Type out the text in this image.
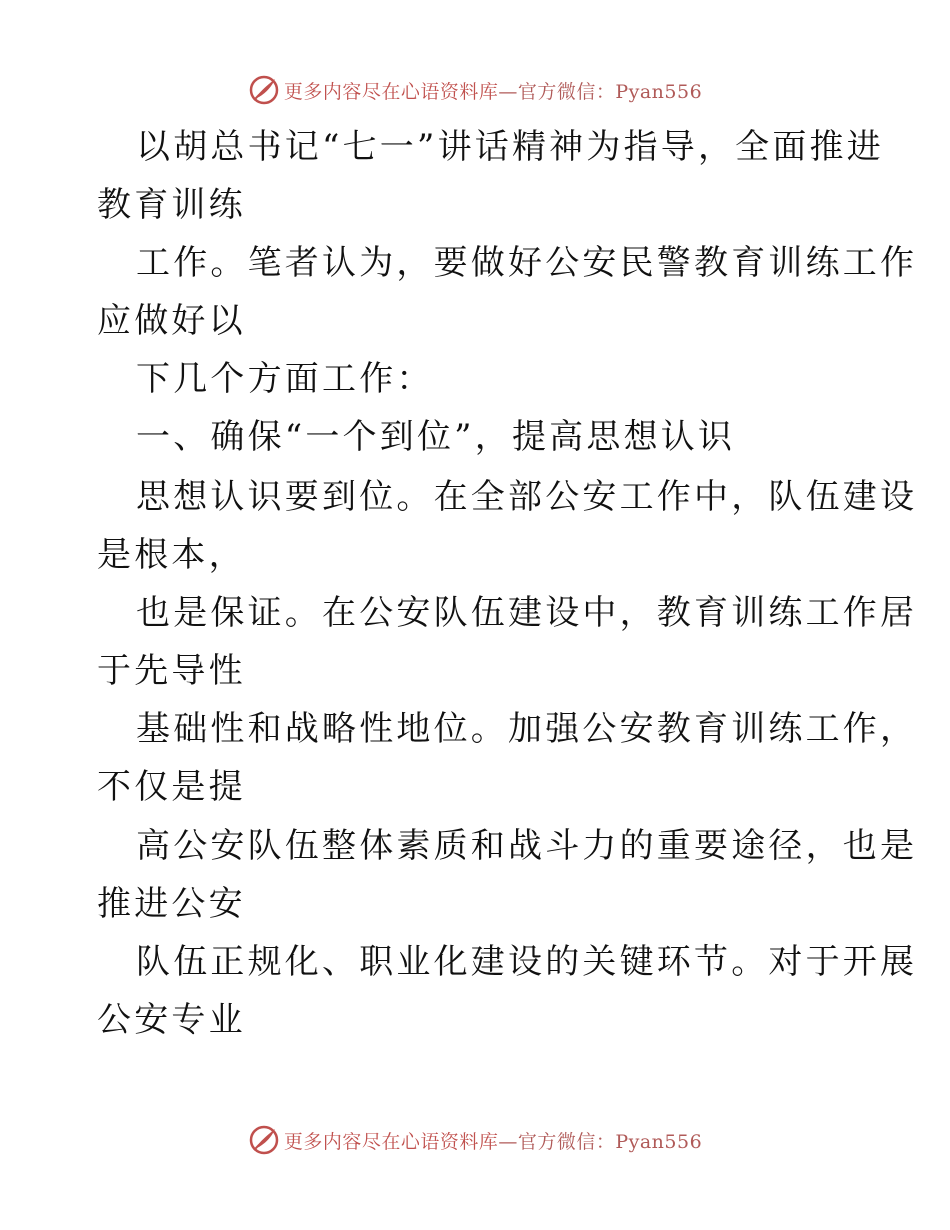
更多内容尽在心语资料库—官方微信：Pyan556
以胡总书记“七一”讲话精神为指导，全面推进
教育训练
工作。笔者认为，要做好公安民警教育训练工作
应做好以
下几个方面工作：
一、确保“一个到位”，提高思想认识
思想认识要到位。在全部公安工作中，队伍建设
是根本，
也是保证。在公安队伍建设中，教育训练工作居
于先导性
基础性和战略性地位。加强公安教育训练工作，
不仅是提
高公安队伍整体素质和战斗力的重要途径，也是
推进公安
队伍正规化、职业化建设的关键环节。对于开展
公安专业
更多内容尽在心语资料库—官方微信：Pyan556
